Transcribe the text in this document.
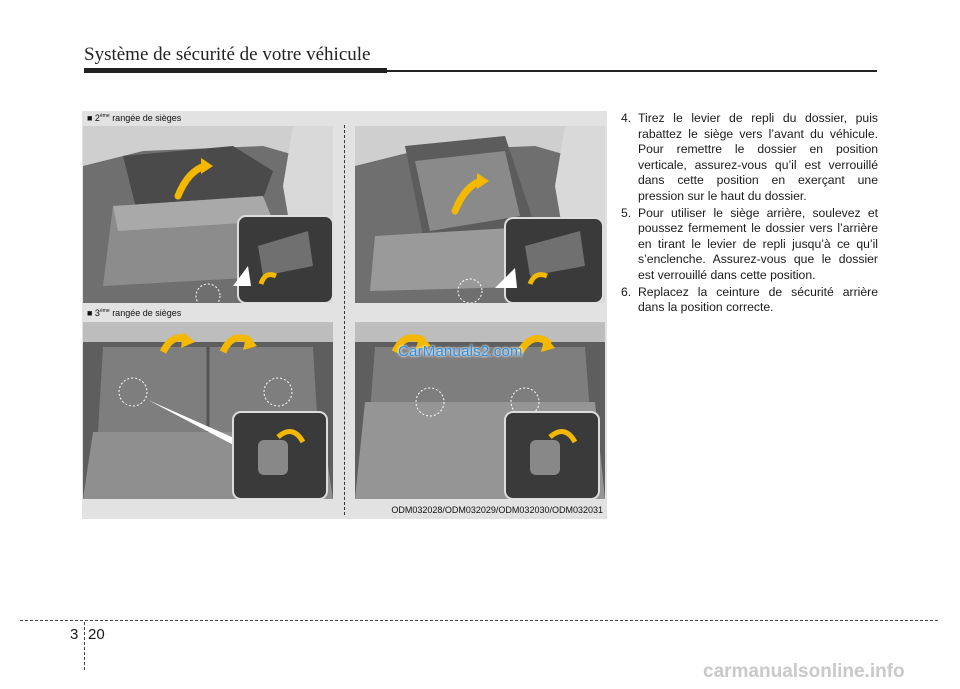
Système de sécurité de votre véhicule
■ 2ème rangée de sièges
■ 3ème rangée de sièges
ODM032028/ODM032029/ODM032030/ODM032031
CarManuals2.com
4. Tirez le levier de repli du dossier, puis rabattez le siège vers l’avant du véhicule. Pour remettre le dossier en position verticale, assurez-vous qu’il est verrouillé dans cette position en exerçant une pression sur le haut du dossier.
5. Pour utiliser le siège arrière, soulevez et poussez fermement le dossier vers l’arrière en tirant le levier de repli jusqu’à ce qu’il s’enclenche. Assurez-vous que le dossier est verrouillé dans cette position.
6. Replacez la ceinture de sécurité arrière dans la position correcte.
3 20
carmanualsonline.info
